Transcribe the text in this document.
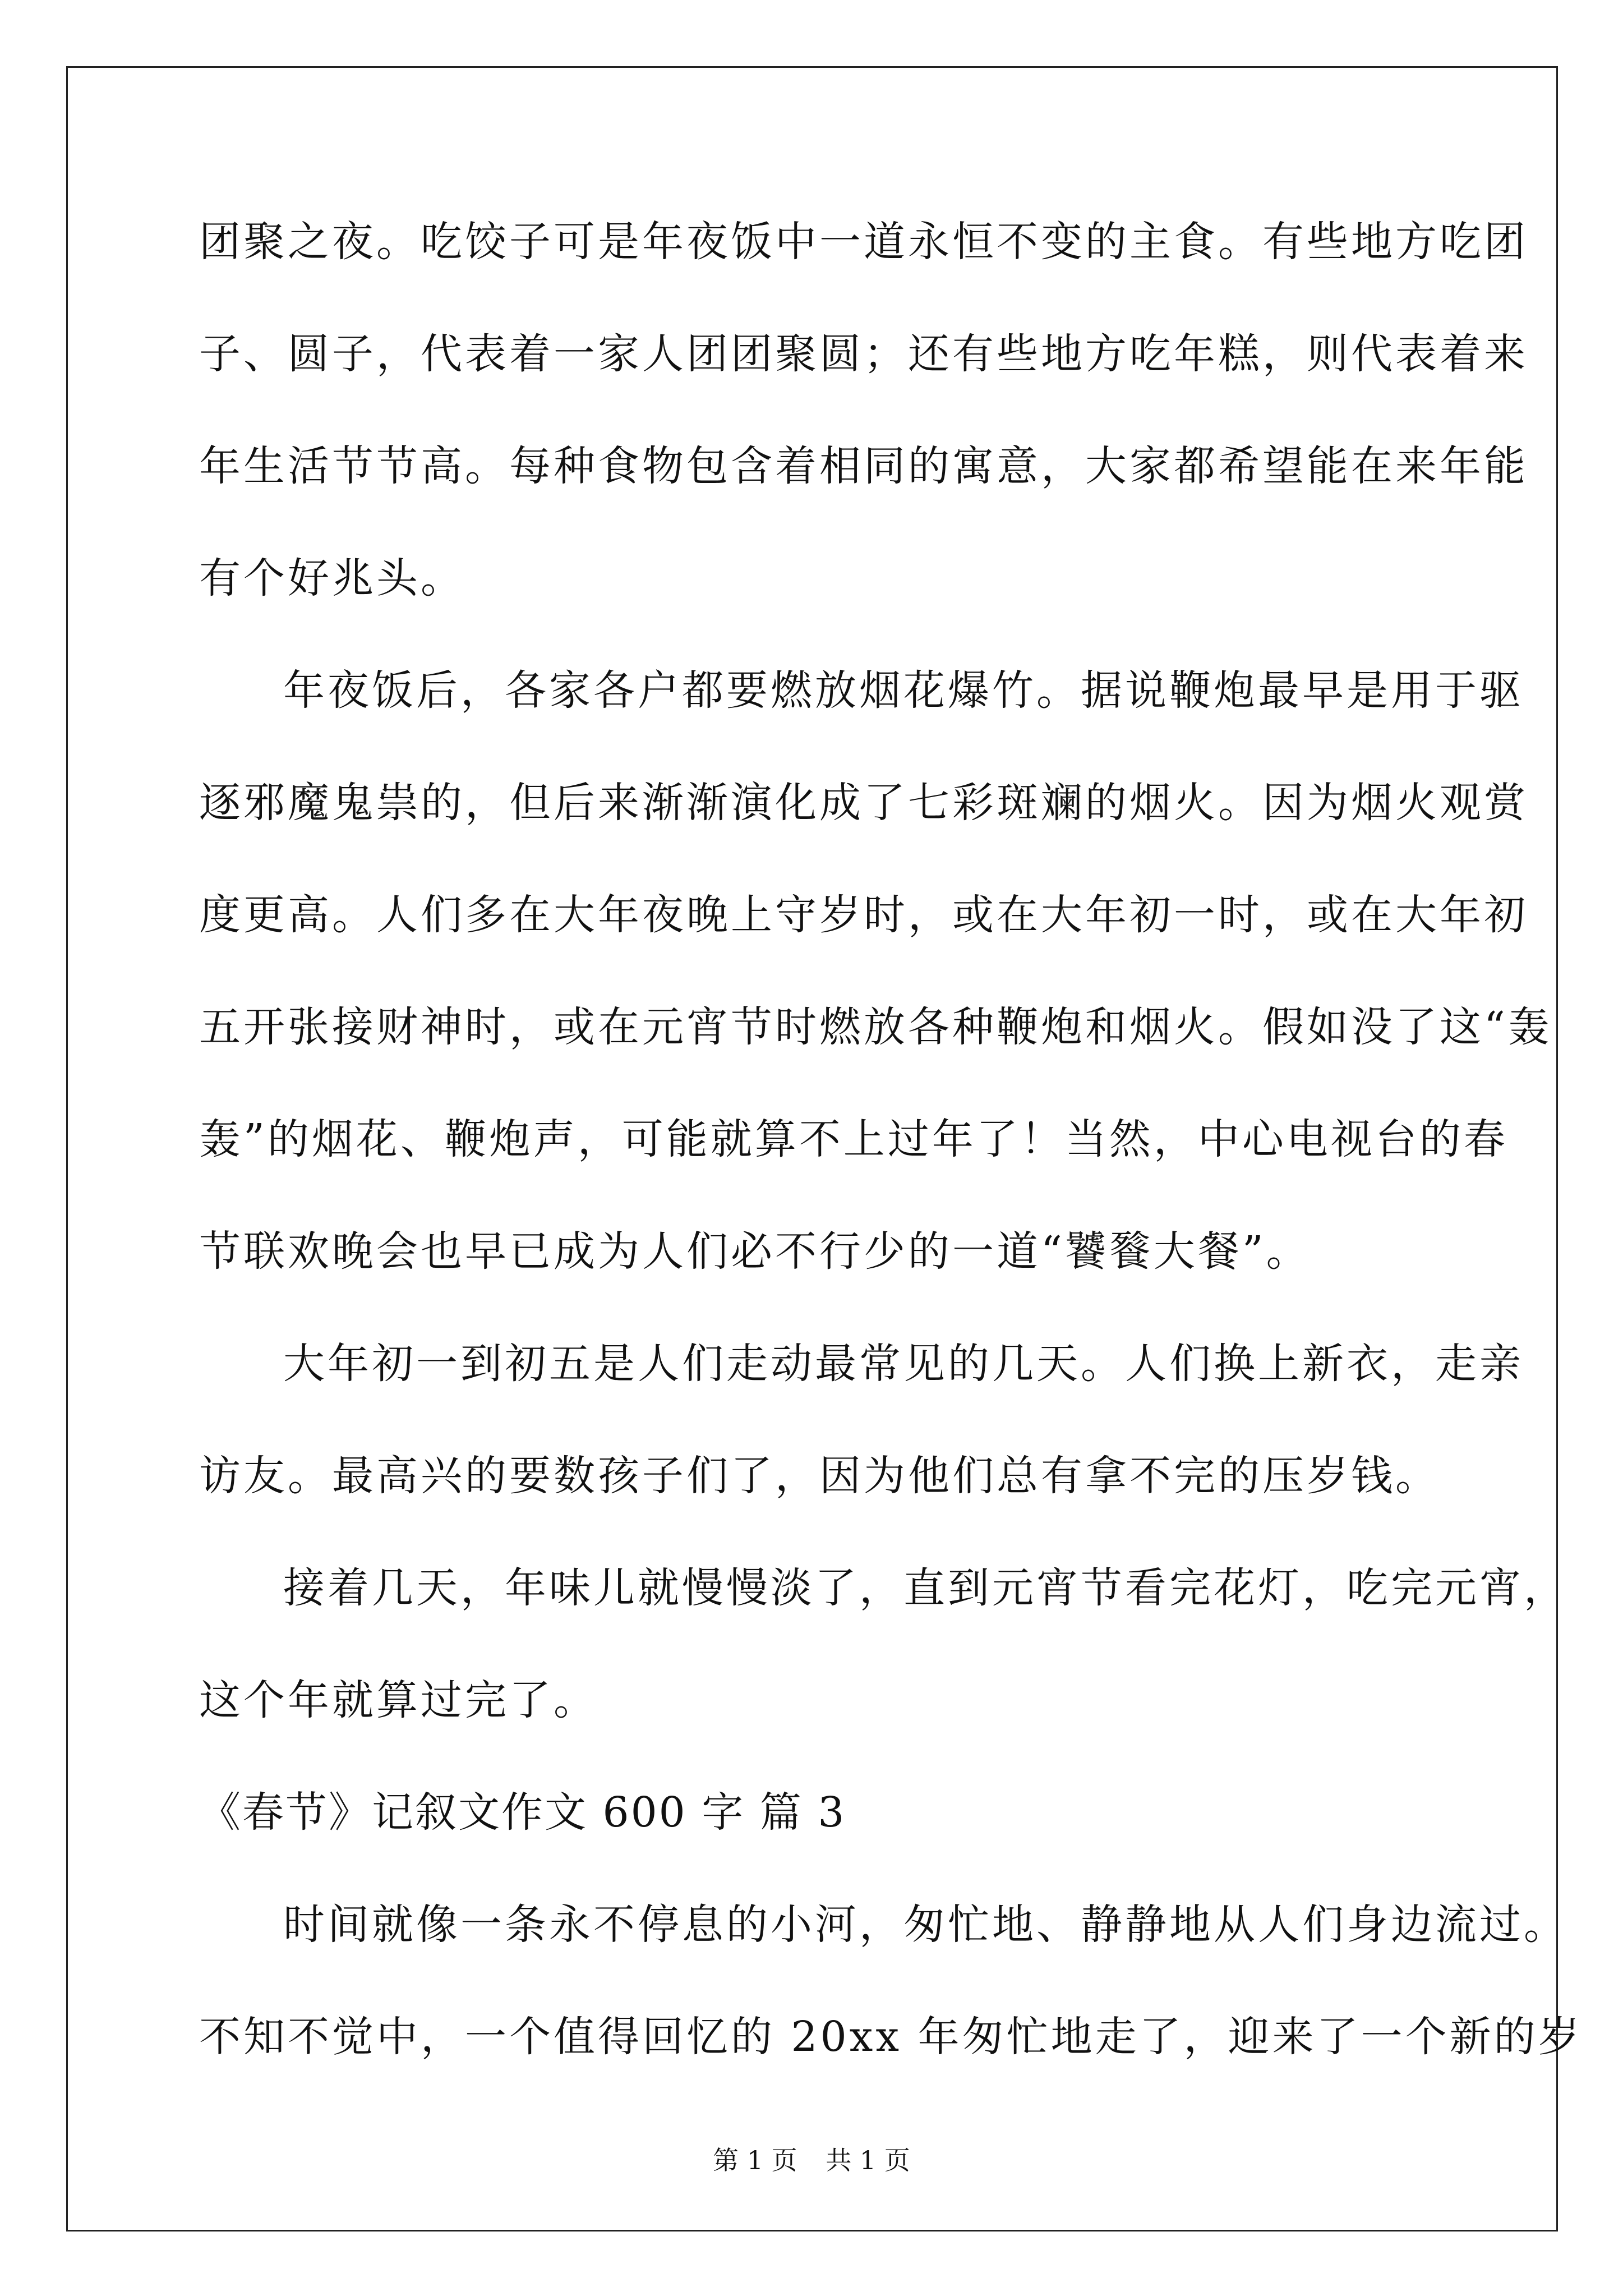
团聚之夜。吃饺子可是年夜饭中一道永恒不变的主食。有些地方吃团
子、圆子，代表着一家人团团聚圆；还有些地方吃年糕，则代表着来
年生活节节高。每种食物包含着相同的寓意，大家都希望能在来年能
有个好兆头。
年夜饭后，各家各户都要燃放烟花爆竹。据说鞭炮最早是用于驱
逐邪魔鬼祟的，但后来渐渐演化成了七彩斑斓的烟火。因为烟火观赏
度更高。人们多在大年夜晚上守岁时，或在大年初一时，或在大年初
五开张接财神时，或在元宵节时燃放各种鞭炮和烟火。假如没了这“轰
轰”的烟花、鞭炮声，可能就算不上过年了！当然，中心电视台的春
节联欢晚会也早已成为人们必不行少的一道“饕餮大餐”。
大年初一到初五是人们走动最常见的几天。人们换上新衣，走亲
访友。最高兴的要数孩子们了，因为他们总有拿不完的压岁钱。
接着几天，年味儿就慢慢淡了，直到元宵节看完花灯，吃完元宵，
这个年就算过完了。
《春节》记叙文作文 600 字 篇 3
时间就像一条永不停息的小河，匆忙地、静静地从人们身边流过。
不知不觉中，一个值得回忆的 20xx 年匆忙地走了，迎来了一个新的岁
第 1 页 共 1 页
